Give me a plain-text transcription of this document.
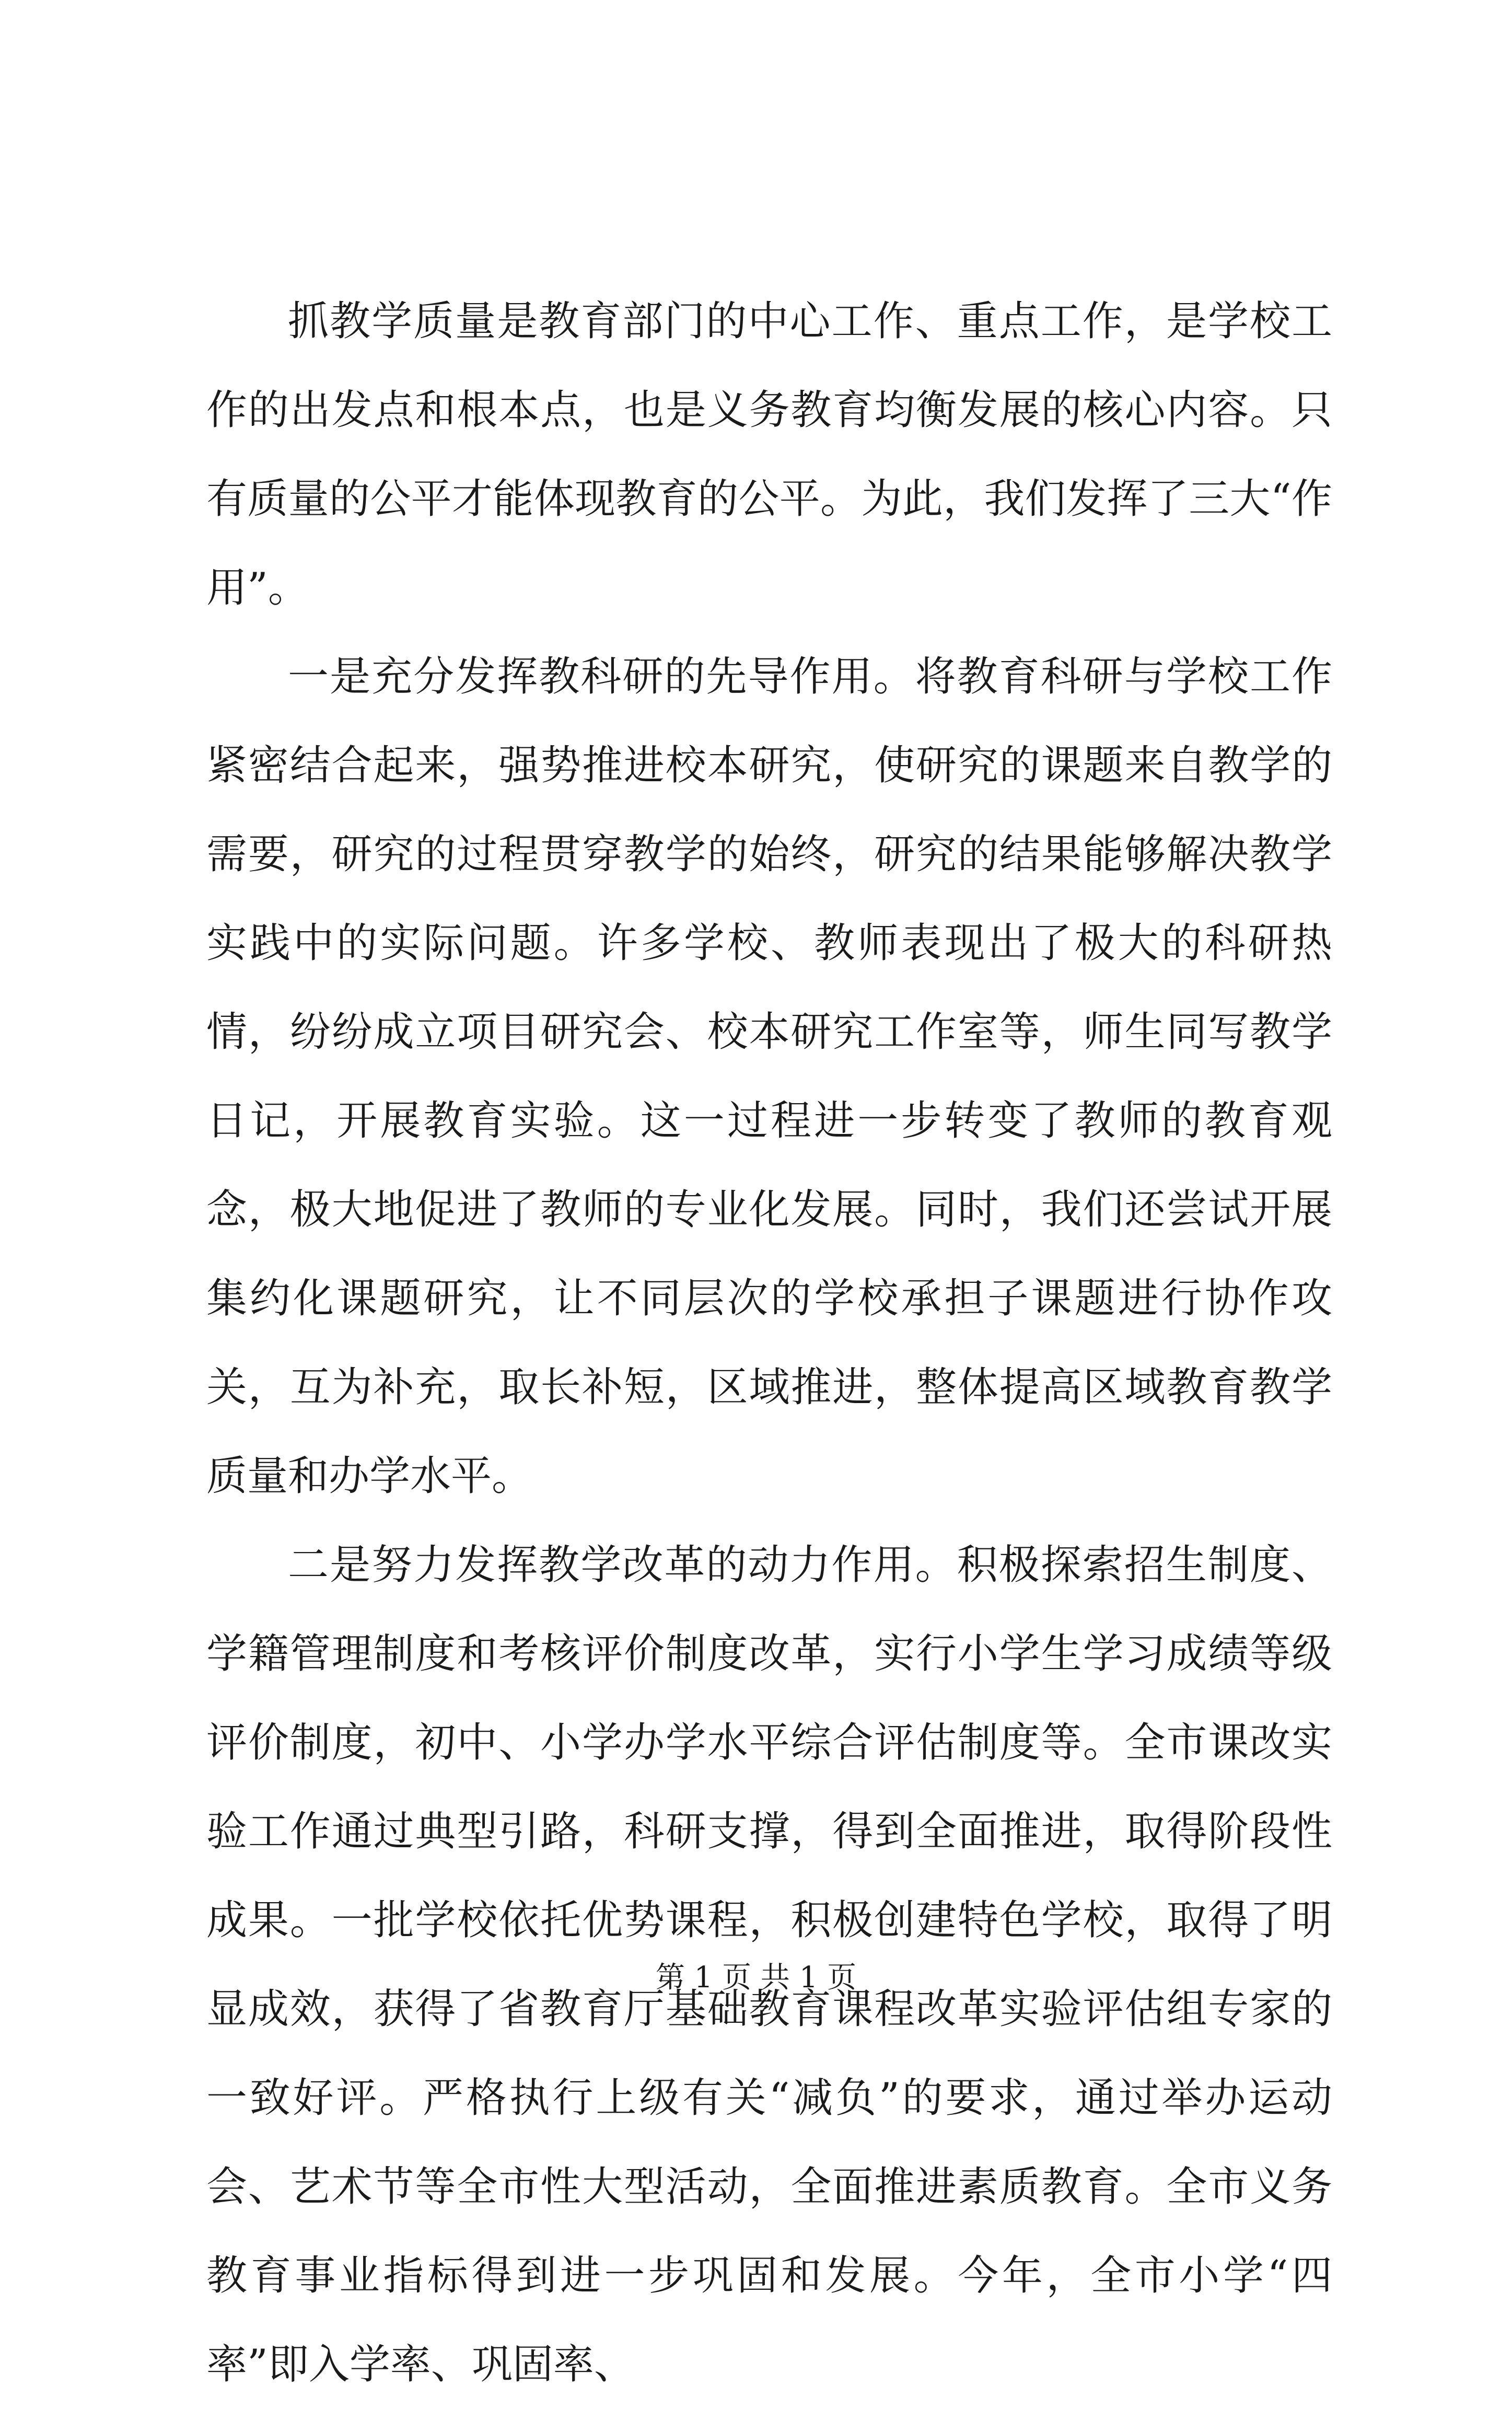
抓教学质量是教育部门的中心工作、重点工作，是学校工作的出发点和根本点，也是义务教育均衡发展的核心内容。只有质量的公平才能体现教育的公平。为此，我们发挥了三大“作用”。

一是充分发挥教科研的先导作用。将教育科研与学校工作紧密结合起来，强势推进校本研究，使研究的课题来自教学的需要，研究的过程贯穿教学的始终，研究的结果能够解决教学实践中的实际问题。许多学校、教师表现出了极大的科研热情，纷纷成立项目研究会、校本研究工作室等，师生同写教学日记，开展教育实验。这一过程进一步转变了教师的教育观念，极大地促进了教师的专业化发展。同时，我们还尝试开展集约化课题研究，让不同层次的学校承担子课题进行协作攻关，互为补充，取长补短，区域推进，整体提高区域教育教学质量和办学水平。

二是努力发挥教学改革的动力作用。积极探索招生制度、学籍管理制度和考核评价制度改革，实行小学生学习成绩等级评价制度，初中、小学办学水平综合评估制度等。全市课改实验工作通过典型引路，科研支撑，得到全面推进，取得阶段性成果。一批学校依托优势课程，积极创建特色学校，取得了明显成效，获得了省教育厅基础教育课程改革实验评估组专家的一致好评。严格执行上级有关“减负”的要求，通过举办运动会、艺术节等全市性大型活动，全面推进素质教育。全市义务教育事业指标得到进一步巩固和发展。今年，全市小学“四率”即入学率、巩固率、

第 1 页 共 1 页
